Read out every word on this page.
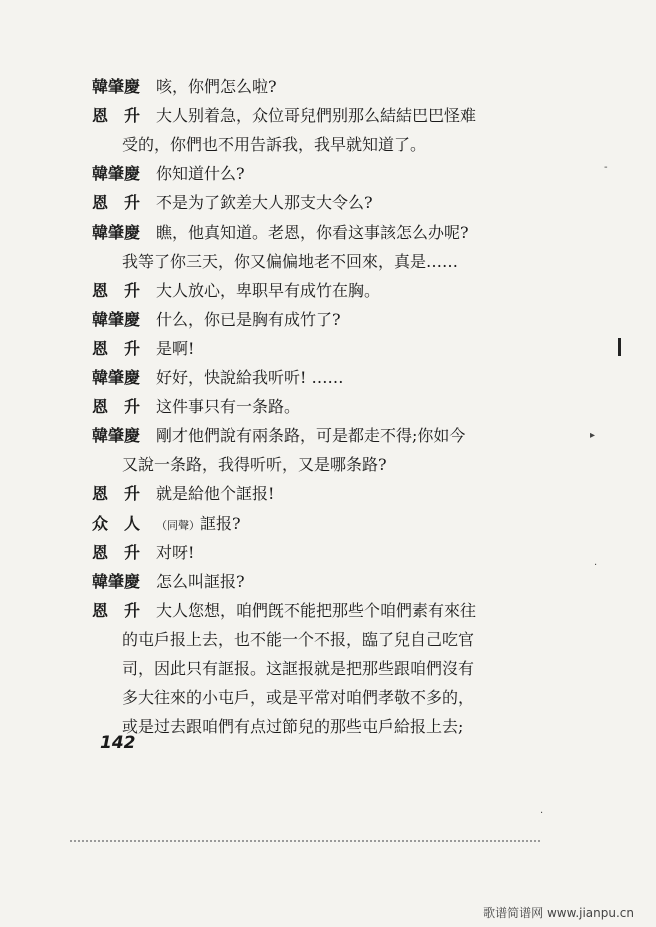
韓肇慶 咳，你們怎么啦?
恩　升 大人别着急，众位哥兒們别那么結結巴巴怪难
受的，你們也不用告訴我，我早就知道了。
韓肇慶 你知道什么?
恩　升 不是为了欽差大人那支大令么?
韓肇慶 瞧，他真知道。老恩，你看这事該怎么办呢?
我等了你三天，你又偏偏地老不回來，真是……
恩　升 大人放心，卑职早有成竹在胸。
韓肇慶 什么，你已是胸有成竹了?
恩　升 是啊!
韓肇慶 好好，快說給我听听! ……
恩　升 这件事只有一条路。
韓肇慶 剛才他們說有兩条路，可是都走不得;你如今
又說一条路，我得听听，又是哪条路?
恩　升 就是給他个誆报!
众　人 （同聲）誆报?
恩　升 对呀!
韓肇慶 怎么叫誆报?
恩　升 大人您想，咱們旣不能把那些个咱們素有來往
的屯戶报上去，也不能一个不报，臨了兒自己吃官
司，因此只有誆报。这誆报就是把那些跟咱們沒有
多大往來的小屯戶，或是平常对咱們孝敬不多的，
或是过去跟咱們有点过節兒的那些屯戶給报上去;
142
-
▸
·
·
歌谱简谱网 www.jianpu.cn
